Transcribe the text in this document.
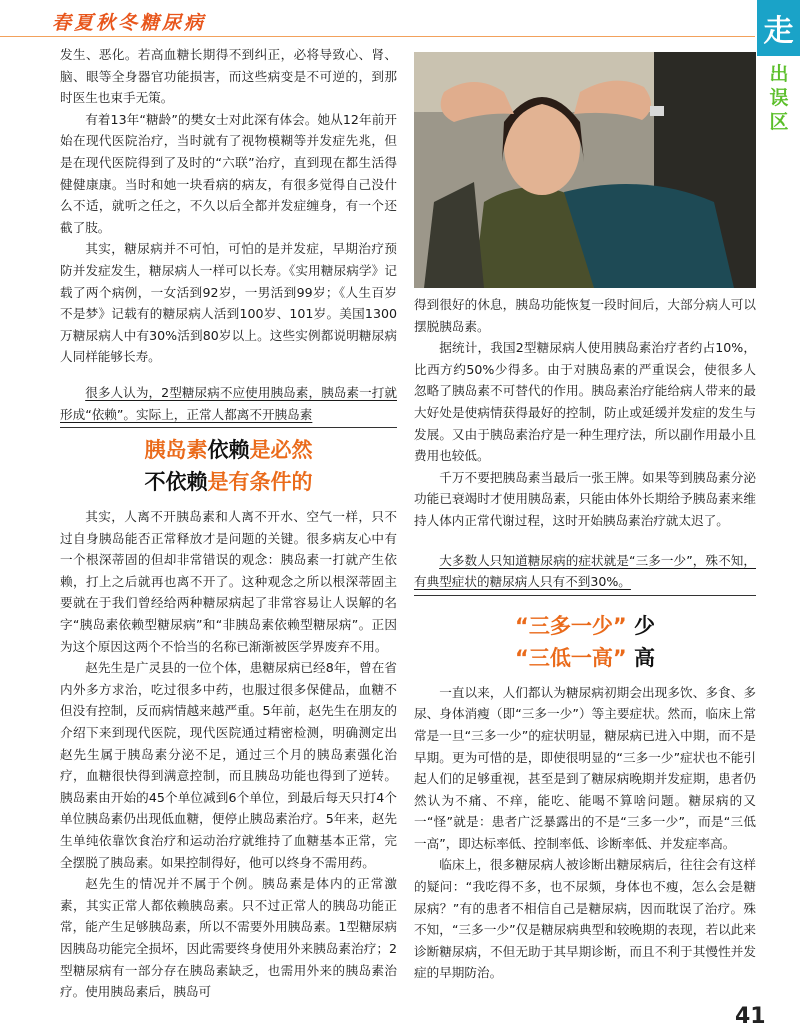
春夏秋冬糖尿病	走
出误区

发生、恶化。若高血糖长期得不到纠正，必将导致心、肾、脑、眼等全身器官功能损害，而这些病变是不可逆的，到那时医生也束手无策。

有着13年“糖龄”的樊女士对此深有体会。她从12年前开始在现代医院治疗，当时就有了视物模糊等并发症先兆，但是在现代医院得到了及时的“六联”治疗，直到现在都生活得健健康康。当时和她一块看病的病友，有很多觉得自己没什么不适，就听之任之，不久以后全都并发症缠身，有一个还截了肢。

其实，糖尿病并不可怕，可怕的是并发症，早期治疗预防并发症发生，糖尿病人一样可以长寿。《实用糖尿病学》记载了两个病例，一女活到92岁，一男活到99岁；《人生百岁不是梦》记载有的糖尿病人活到100岁、101岁。美国1300万糖尿病人中有30%活到80岁以上。这些实例都说明糖尿病人同样能够长寿。

很多人认为，2型糖尿病不应使用胰岛素，胰岛素一打就形成“依赖”。实际上，正常人都离不开胰岛素
胰岛素依赖是必然
不依赖是有条件的

其实，人离不开胰岛素和人离不开水、空气一样，只不过自身胰岛能否正常释放才是问题的关键。很多病友心中有一个根深蒂固的但却非常错误的观念：胰岛素一打就产生依赖，打上之后就再也离不开了。这种观念之所以根深蒂固主要就在于我们曾经给两种糖尿病起了非常容易让人误解的名字“胰岛素依赖型糖尿病”和“非胰岛素依赖型糖尿病”。正因为这个原因这两个不恰当的名称已渐渐被医学界废弃不用。

赵先生是广灵县的一位个体，患糖尿病已经8年，曾在省内外多方求治，吃过很多中药，也服过很多保健品，血糖不但没有控制，反而病情越来越严重。5年前，赵先生在朋友的介绍下来到现代医院，现代医院通过精密检测，明确测定出赵先生属于胰岛素分泌不足，通过三个月的胰岛素强化治疗，血糖很快得到满意控制，而且胰岛功能也得到了逆转。胰岛素由开始的45个单位减到6个单位，到最后每天只打4个单位胰岛素仍出现低血糖，便停止胰岛素治疗。5年来，赵先生单纯依靠饮食治疗和运动治疗就维持了血糖基本正常，完全摆脱了胰岛素。如果控制得好，他可以终身不需用药。

赵先生的情况并不属于个例。胰岛素是体内的正常激素，其实正常人都依赖胰岛素。只不过正常人的胰岛功能正常，能产生足够胰岛素，所以不需要外用胰岛素。1型糖尿病因胰岛功能完全损坏，因此需要终身使用外来胰岛素治疗；2型糖尿病有一部分存在胰岛素缺乏，也需用外来的胰岛素治疗。使用胰岛素后，胰岛可

得到很好的休息，胰岛功能恢复一段时间后，大部分病人可以摆脱胰岛素。

据统计，我国2型糖尿病人使用胰岛素治疗者约占10%，比西方约50%少得多。由于对胰岛素的严重误会，使很多人忽略了胰岛素不可替代的作用。胰岛素治疗能给病人带来的最大好处是使病情获得最好的控制，防止或延缓并发症的发生与发展。又由于胰岛素治疗是一种生理疗法，所以副作用最小且费用也较低。

千万不要把胰岛素当最后一张王牌。如果等到胰岛素分泌功能已衰竭时才使用胰岛素，只能由体外长期给予胰岛素来维持人体内正常代谢过程，这时开始胰岛素治疗就太迟了。

大多数人只知道糖尿病的症状就是“三多一少”，殊不知，有典型症状的糖尿病人只有不到30%。
“三多一少” 少
“三低一高” 高

一直以来，人们都认为糖尿病初期会出现多饮、多食、多尿、身体消瘦（即“三多一少”）等主要症状。然而，临床上常常是一旦“三多一少”的症状明显，糖尿病已进入中期，而不是早期。更为可惜的是，即使很明显的“三多一少”症状也不能引起人们的足够重视，甚至是到了糖尿病晚期并发症期，患者仍然认为不痛、不痒，能吃、能喝不算啥问题。糖尿病的又一“怪”就是：患者广泛暴露出的不是“三多一少”，而是“三低一高”，即达标率低、控制率低、诊断率低、并发症率高。

临床上，很多糖尿病人被诊断出糖尿病后，往往会有这样的疑问：“我吃得不多，也不尿频，身体也不瘦，怎么会是糖尿病？”有的患者不相信自己是糖尿病，因而耽误了治疗。殊不知，“三多一少”仅是糖尿病典型和较晚期的表现，若以此来诊断糖尿病，不但无助于其早期诊断，而且不利于其慢性并发症的早期防治。

41
